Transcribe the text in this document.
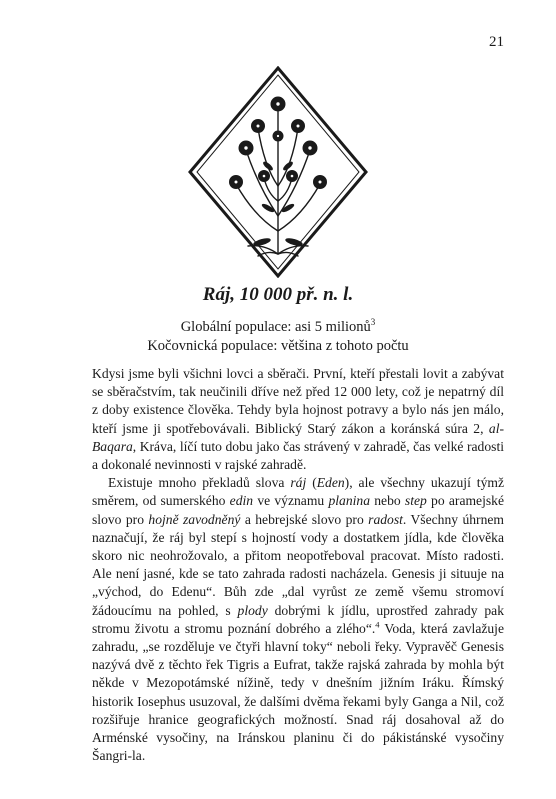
21
Ráj, 10 000 př. n. l.
Globální populace: asi 5 milionů$^3$
Kočovnická populace: většina z tohoto počtu

Kdysi jsme byli všichni lovci a sběrači. První, kteří přestali lovit a zabývat se sběračstvím, tak neučinili dříve než před 12 000 lety, což je nepatrný díl z doby existence člověka. Tehdy byla hojnost potravy a bylo nás jen málo, kteří jsme ji spotřebovávali. Biblický Starý zákon a koránská súra 2, al-Baqara, Kráva, líčí tuto dobu jako čas strávený v zahradě, čas velké radosti a dokonalé nevinnosti v rajské zahradě.

Existuje mnoho překladů slova ráj (Eden), ale všechny ukazují týmž směrem, od sumerského edin ve významu planina nebo step po aramejské slovo pro hojně zavodněný a hebrejské slovo pro radost. Všechny úhrnem naznačují, že ráj byl stepí s hojností vody a dostatkem jídla, kde člověka skoro nic neohrožovalo, a přitom neopotřeboval pracovat. Místo radosti. Ale není jasné, kde se tato zahrada radosti nacházela. Genesis ji situuje na „východ, do Edenu“. Bůh zde „dal vyrůst ze země všemu stromoví žádoucímu na pohled, s plody dobrými k jídlu, uprostřed zahrady pak stromu životu a stromu poznání dobrého a zlého“.$^4$ Voda, která zavlažuje zahradu, „se rozděluje ve čtyři hlavní toky“ neboli řeky. Vypravěč Genesis nazývá dvě z těchto řek Tigris a Eufrat, takže rajská zahrada by mohla být někde v Mezopotámské nížině, tedy v dnešním jižním Iráku. Římský historik Iosephus usuzoval, že dalšími dvěma řekami byly Ganga a Nil, což rozšiřuje hranice geografických možností. Snad ráj dosahoval až do Arménské vysočiny, na Iránskou planinu či do pákistánské vysočiny Šangri-la.
